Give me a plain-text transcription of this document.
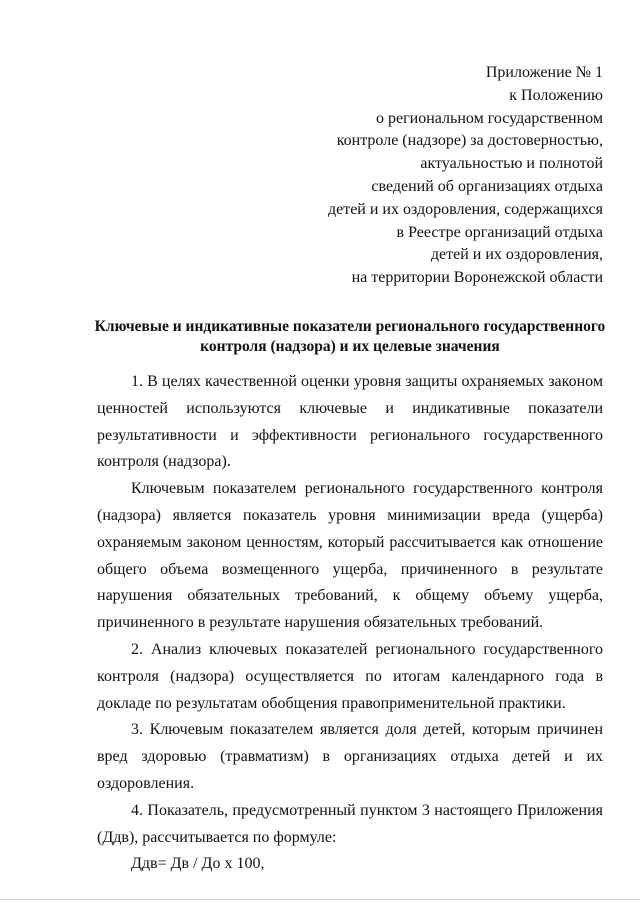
Приложение № 1
к Положению
о региональном государственном
контроле (надзоре) за достоверностью,
актуальностью и полнотой
сведений об организациях отдыха
детей и их оздоровления, содержащихся
в Реестре организаций отдыха
детей и их оздоровления,
на территории Воронежской области
Ключевые и индикативные показатели регионального государственного
контроля (надзора) и их целевые значения

1. В целях качественной оценки уровня защиты охраняемых законом ценностей используются ключевые и индикативные показатели результативности и эффективности регионального государственного контроля (надзора).

Ключевым показателем регионального государственного контроля (надзора) является показатель уровня минимизации вреда (ущерба) охраняемым законом ценностям, который рассчитывается как отношение общего объема возмещенного ущерба, причиненного в результате нарушения обязательных требований, к общему объему ущерба, причиненного в результате нарушения обязательных требований.

2. Анализ ключевых показателей регионального государственного контроля (надзора) осуществляется по итогам календарного года в докладе по результатам обобщения правоприменительной практики.

3. Ключевым показателем является доля детей, которым причинен вред здоровью (травматизм) в организациях отдыха детей и их оздоровления.

4. Показатель, предусмотренный пунктом 3 настоящего Приложения (Ддв), рассчитывается по формуле:

Ддв= Дв / До х 100,
